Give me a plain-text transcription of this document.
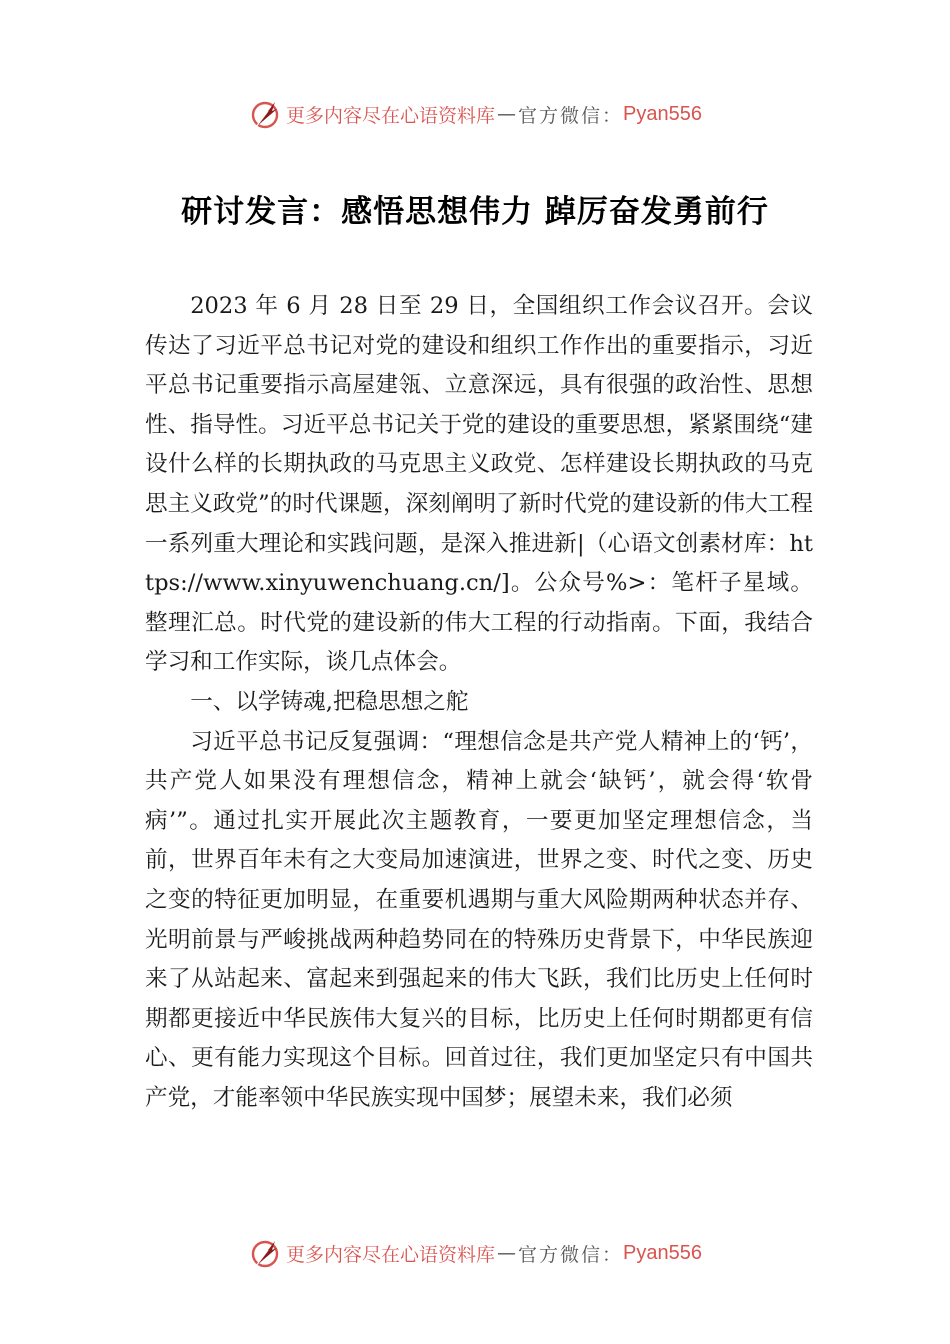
更多内容尽在心语资料库 — 官方微信： Pyan556
研讨发言：感悟思想伟力 踔厉奋发勇前行

2023 年 6 月 28 日至 29 日，全国组织工作会议召开。会议传达了习近平总书记对党的建设和组织工作作出的重要指示，习近平总书记重要指示高屋建瓴、立意深远，具有很强的政治性、思想性、指导性。习近平总书记关于党的建设的重要思想，紧紧围绕“建设什么样的长期执政的马克思主义政党、怎样建设长期执政的马克思主义政党”的时代课题，深刻阐明了新时代党的建设新的伟大工程一系列重大理论和实践问题，是深入推进新|（心语文创素材库：https://www.xinyuwenchuang.cn/]。公众号%>：笔杆子星域。整理汇总。时代党的建设新的伟大工程的行动指南。下面，我结合学习和工作实际，谈几点体会。

一、以学铸魂,把稳思想之舵

习近平总书记反复强调：“理想信念是共产党人精神上的‘钙’，共产党人如果没有理想信念，精神上就会‘缺钙’，就会得‘软骨病’”。通过扎实开展此次主题教育，一要更加坚定理想信念，当前，世界百年未有之大变局加速演进，世界之变、时代之变、历史之变的特征更加明显，在重要机遇期与重大风险期两种状态并存、光明前景与严峻挑战两种趋势同在的特殊历史背景下，中华民族迎来了从站起来、富起来到强起来的伟大飞跃，我们比历史上任何时期都更接近中华民族伟大复兴的目标，比历史上任何时期都更有信心、更有能力实现这个目标。回首过往，我们更加坚定只有中国共产党，才能率领中华民族实现中国梦；展望未来，我们必须

更多内容尽在心语资料库 — 官方微信： Pyan556
